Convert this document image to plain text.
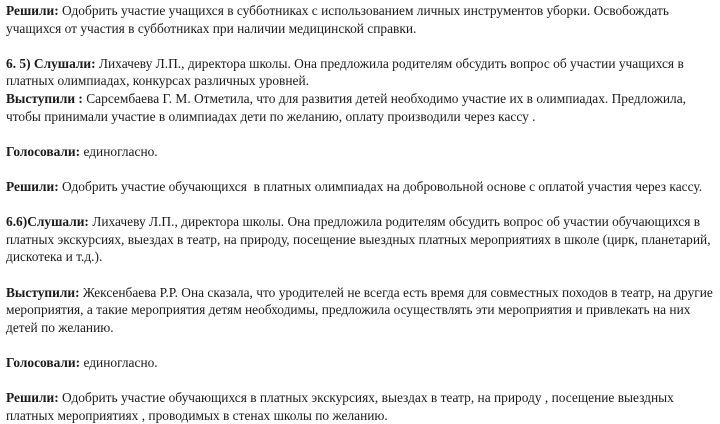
Решили: Одобрить участие учащихся в субботниках с использованием личных инструментов уборки. Освобождать учащихся от участия в субботниках при наличии медицинской справки.

6. 5) Слушали: Лихачеву Л.П., директора школы. Она предложила родителям обсудить вопрос об участии учащихся в платных олимпиадах, конкурсах различных уровней.

Выступили : Сарсембаева Г. М. Отметила, что для развития детей необходимо участие их в олимпиадах. Предложила, чтобы принимали участие в олимпиадах дети по желанию, оплату производили через кассу .

Голосовали: единогласно.

Решили: Одобрить участие обучающихся  в платных олимпиадах на добровольной основе с оплатой участия через кассу.

6.6)Слушали: Лихачеву Л.П., директора школы. Она предложила родителям обсудить вопрос об участии обучающихся в платных экскурсиях, выездах в театр, на природу, посещение выездных платных мероприятиях в школе (цирк, планетарий, дискотека и т.д.).

Выступили: Жексенбаева Р.Р. Она сказала, что уродителей не всегда есть время для совместных походов в театр, на другие мероприятия, а такие мероприятия детям необходимы, предложила осуществлять эти мероприятия и привлекать на них детей по желанию.

Голосовали: единогласно.

Решили: Одобрить участие обучающихся в платных экскурсиях, выездах в театр, на природу , посещение выездных платных мероприятиях , проводимых в стенах школы по желанию.
